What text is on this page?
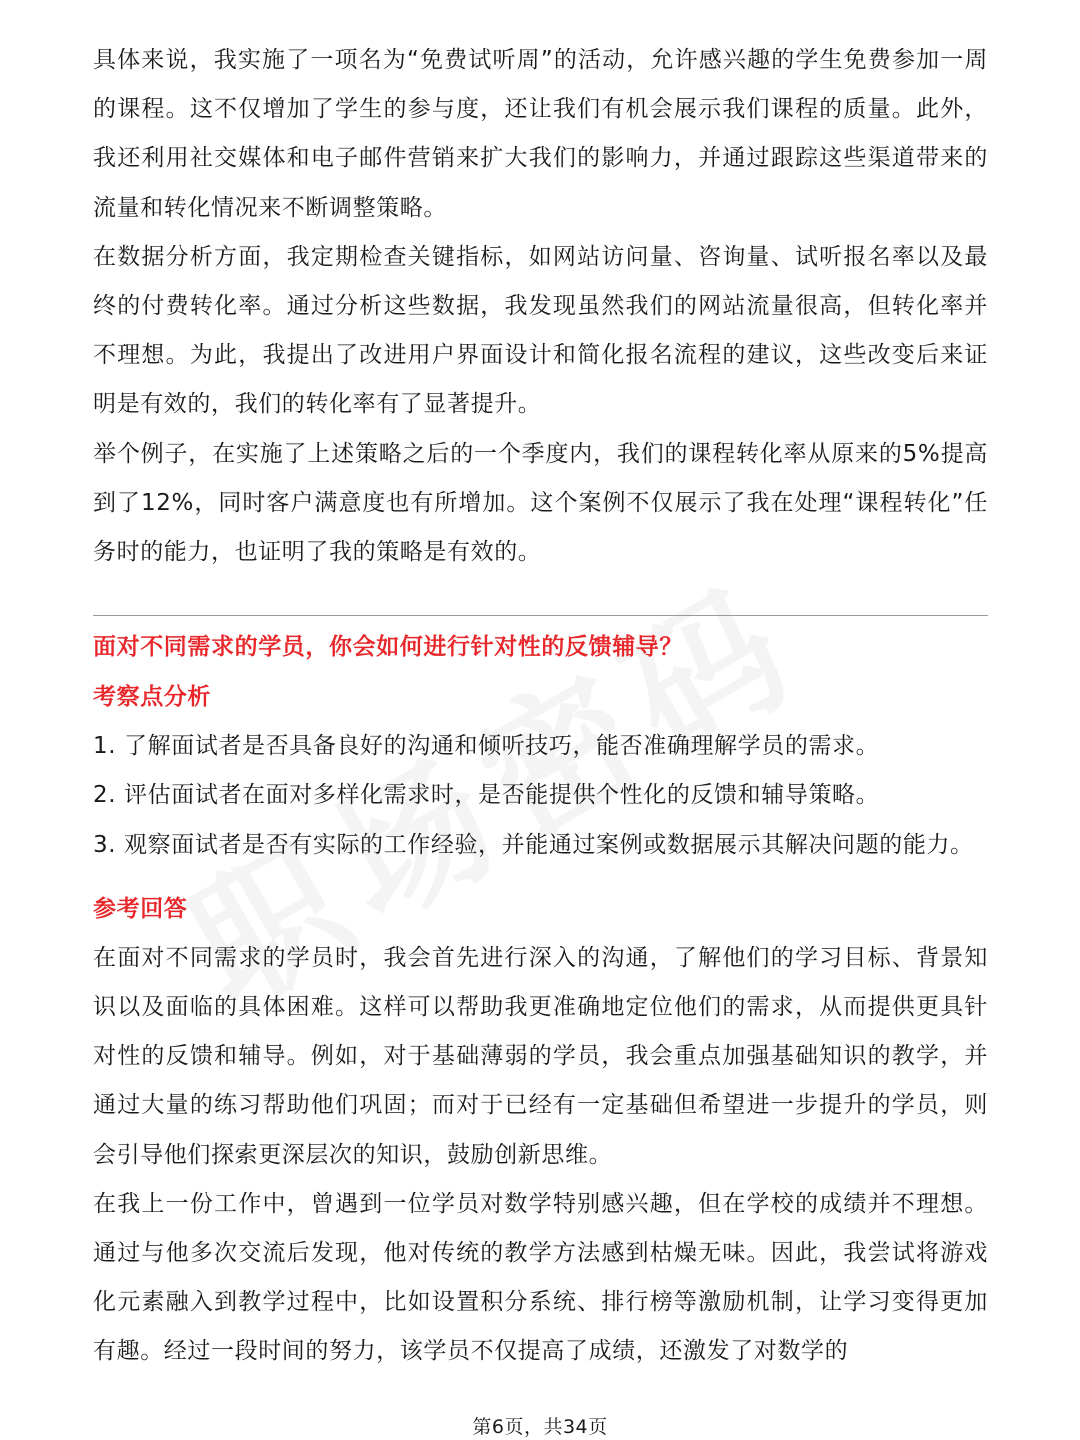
具体来说，我实施了一项名为“免费试听周”的活动，允许感兴趣的学生免费参加一周的课程。这不仅增加了学生的参与度，还让我们有机会展示我们课程的质量。此外，我还利用社交媒体和电子邮件营销来扩大我们的影响力，并通过跟踪这些渠道带来的流量和转化情况来不断调整策略。

在数据分析方面，我定期检查关键指标，如网站访问量、咨询量、试听报名率以及最终的付费转化率。通过分析这些数据，我发现虽然我们的网站流量很高，但转化率并不理想。为此，我提出了改进用户界面设计和简化报名流程的建议，这些改变后来证明是有效的，我们的转化率有了显著提升。

举个例子，在实施了上述策略之后的一个季度内，我们的课程转化率从原来的5%提高到了12%，同时客户满意度也有所增加。这个案例不仅展示了我在处理“课程转化”任务时的能力，也证明了我的策略是有效的。

面对不同需求的学员，你会如何进行针对性的反馈辅导？

考察点分析

1. 了解面试者是否具备良好的沟通和倾听技巧，能否准确理解学员的需求。

2. 评估面试者在面对多样化需求时，是否能提供个性化的反馈和辅导策略。

3. 观察面试者是否有实际的工作经验，并能通过案例或数据展示其解决问题的能力。

参考回答

在面对不同需求的学员时，我会首先进行深入的沟通，了解他们的学习目标、背景知识以及面临的具体困难。这样可以帮助我更准确地定位他们的需求，从而提供更具针对性的反馈和辅导。例如，对于基础薄弱的学员，我会重点加强基础知识的教学，并通过大量的练习帮助他们巩固；而对于已经有一定基础但希望进一步提升的学员，则会引导他们探索更深层次的知识，鼓励创新思维。

在我上一份工作中，曾遇到一位学员对数学特别感兴趣，但在学校的成绩并不理想。通过与他多次交流后发现，他对传统的教学方法感到枯燥无味。因此，我尝试将游戏化元素融入到教学过程中，比如设置积分系统、排行榜等激励机制，让学习变得更加有趣。经过一段时间的努力，该学员不仅提高了成绩，还激发了对数学的

第6页，共34页
